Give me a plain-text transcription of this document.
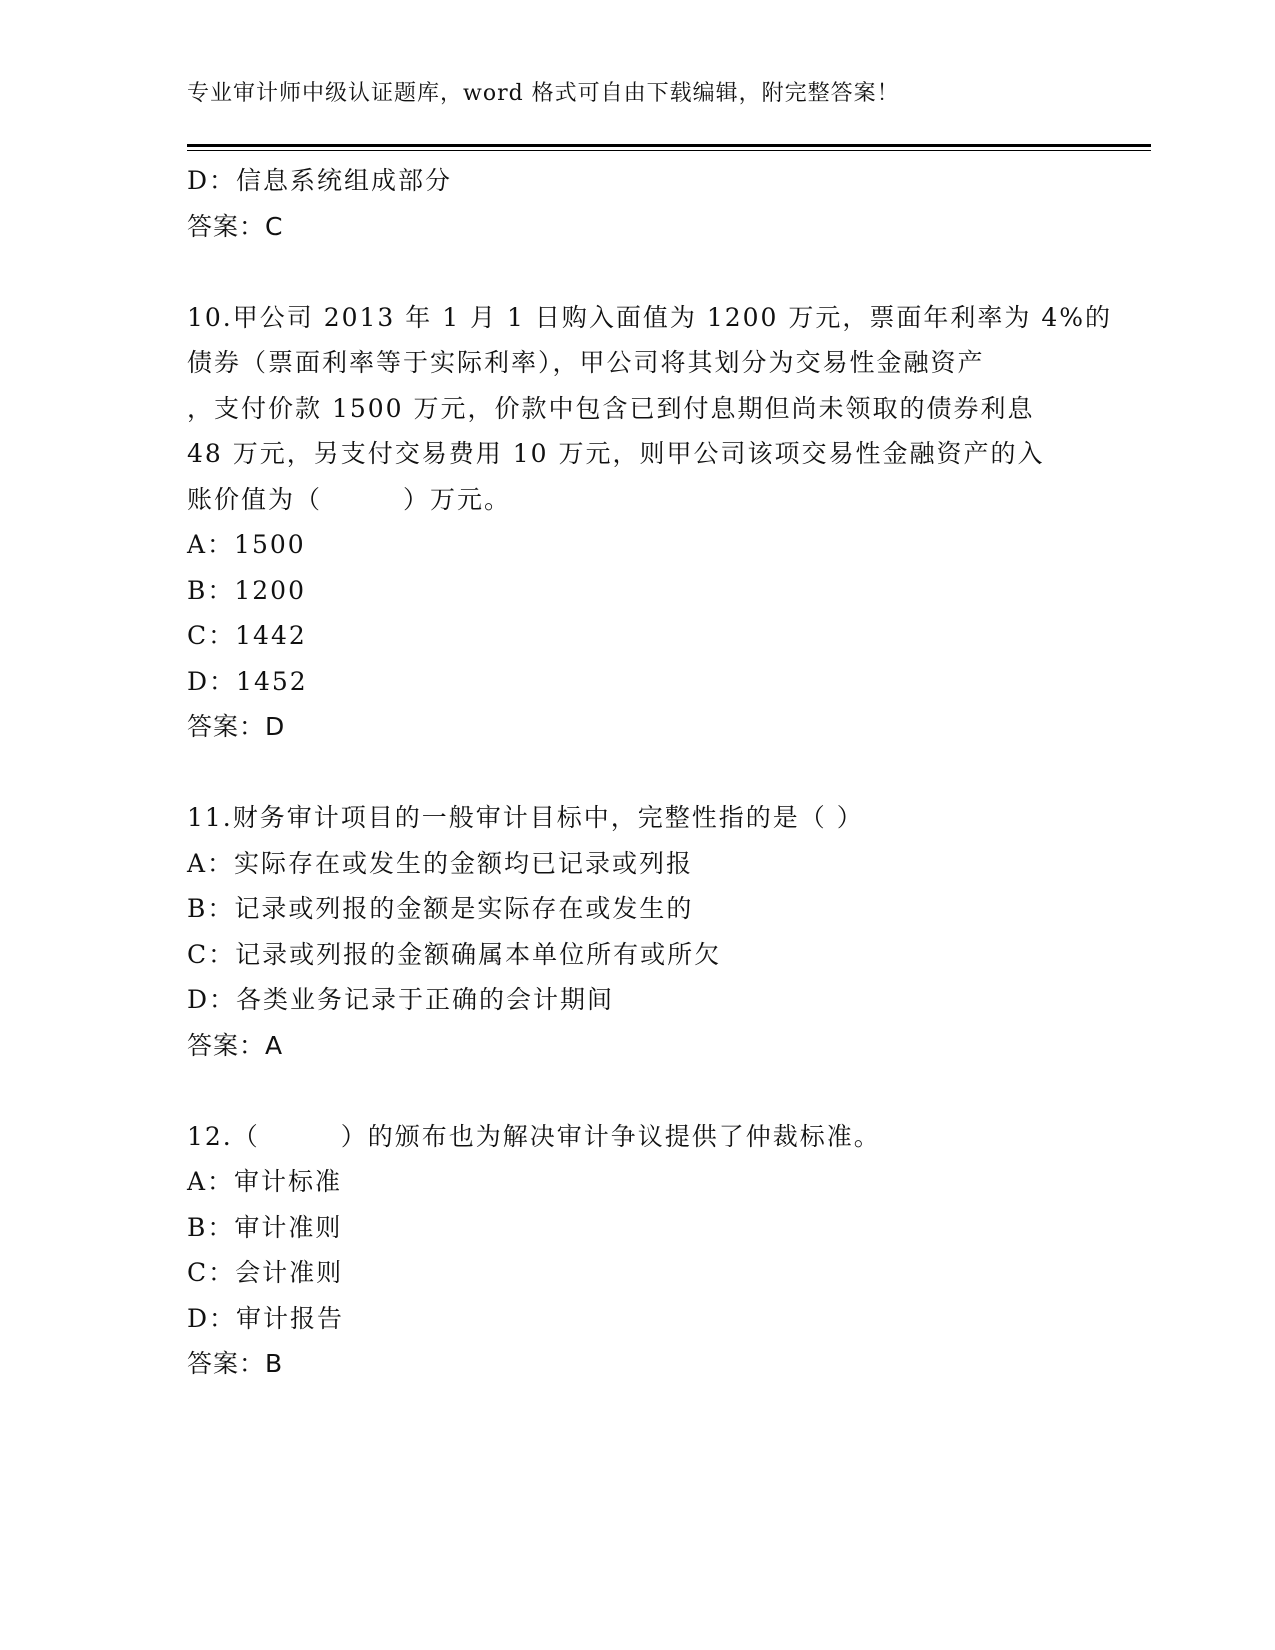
专业审计师中级认证题库，word 格式可自由下载编辑，附完整答案！
D：信息系统组成部分
答案：C
10.甲公司 2013 年 1 月 1 日购入面值为 1200 万元，票面年利率为 4%的
债券（票面利率等于实际利率），甲公司将其划分为交易性金融资产
，支付价款 1500 万元，价款中包含已到付息期但尚未领取的债券利息
48 万元，另支付交易费用 10 万元，则甲公司该项交易性金融资产的入
账价值为（　　　）万元。
A：1500
B：1200
C：1442
D：1452
答案：D
11.财务审计项目的一般审计目标中，完整性指的是（ ）
A：实际存在或发生的金额均已记录或列报
B：记录或列报的金额是实际存在或发生的
C：记录或列报的金额确属本单位所有或所欠
D：各类业务记录于正确的会计期间
答案：A
12.（　　　）的颁布也为解决审计争议提供了仲裁标准。
A：审计标准
B：审计准则
C：会计准则
D：审计报告
答案：B
